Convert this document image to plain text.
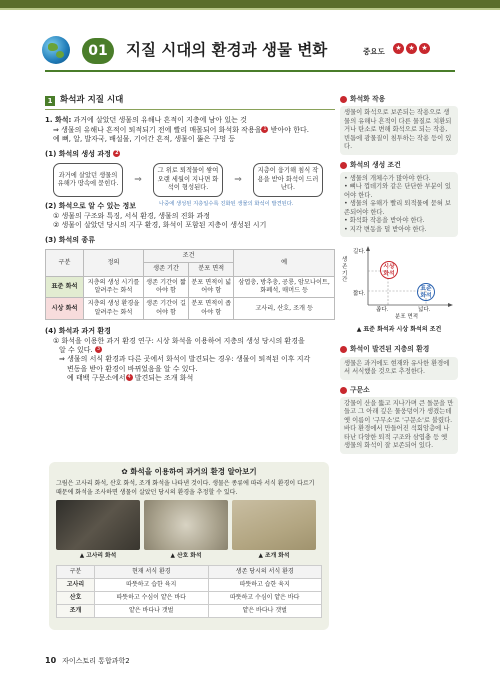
01	지질 시대의 환경과 생물 변화	중요도	★ ★ ★
1 화석과 지질 시대
1. 화석: 과거에 살았던 생물의 유해나 흔적이 지층에 남아 있는 것
⇒ 생물의 유해나 흔적이 퇴적되기 전에 빨리 매몰되어 화석화 작용을 1 받아야 한다.
예 뼈, 알, 발자국, 배설물, 기어간 흔적, 생물이 뚫은 구멍 등
(1) 화석의 생성 과정 2
과거에 살았던 생물의 유해가 땅속에 묻힌다.	⇒
그 위로 퇴적물이 쌓여 오랜 세월이 지나면 화석이 형성된다.
⇒
지층이 융기해 침식 작용을 받아 화석이 드러난다.
(2) 화석으로 알 수 있는 정보	나중에 생성된 지층일수록 진화된 생물의 화석이 발견된다.
① 생물의 구조와 특징, 서식 환경, 생물의 진화 과정
② 생물이 살았던 당시의 지구 환경, 화석이 포함된 지층이 생성된 시기
(3) 화석의 종류
구분	정의	조건		예
		생존 기간	분포 면적	
표준 화석	지층의 생성 시기를 알려주는 화석	생존 기간이 짧아야 함	분포 면적이 넓어야 함	삼엽충, 방추충, 공룡, 암모나이트, 화폐석, 매머드 등
시상 화석	지층의 생성 환경을 알려주는 화석	생존 기간이 길어야 함	분포 면적이 좁아야 함	고사리, 산호, 조개 등
(4) 화석과 과거 환경
① 화석을 이용한 과거 환경 연구: 시상 화석을 이용하여 지층의 생성 당시의 환경을
알 수 있다. 3
⇒ 생물의 서식 환경과 다른 곳에서 화석이 발견되는 경우: 생물이 퇴적된 이후 지각
변동을 받아 환경이 바뀌었음을 알 수 있다.
예 태백 구문소에서 4 발견되는 조개 화석
화석화 작용
생물이 화석으로 보존되는 작용으로 생물의 유해나 흔적이 다른 물질로 치환되거나 탄소로 변해 화석으로 되는 작용, 빈틈에 광물질이 침투하는 작용 등이 있다.
화석의 생성 조건
• 생물의 개체수가 많아야 한다.
• 뼈나 껍데기와 같은 단단한 부분이 있어야 한다.
• 생물의 유해가 빨리 퇴적물에 묻혀 보존되어야 한다.
• 화석화 작용을 받아야 한다.
• 지각 변동을 덜 받아야 한다.
생존 기간
길다.
짧다.
좁다.	넓다.
분포 면적
시상 화석
표준 화석
▲ 표준 화석과 시상 화석의 조건
화석이 발견된 지층의 환경
생물은 과거에도 현재와 유사한 환경에서 서식했을 것으로 추정한다.
구문소
강물이 산을 뚫고 지나가며 큰 돌문을 만들고 그 아래 깊은 물웅덩이가 생겼는데 옛 이름이 '구무소'로 '구문소'로 불렸다. 바다 환경에서 만들어진 석회암층에 나타난 다양한 퇴적 구조와 삼엽충 등 옛 생물의 화석이 잘 보존되어 있다.
✿ 화석을 이용하여 과거의 환경 알아보기
그림은 고사리 화석, 산호 화석, 조개 화석을 나타낸 것이다. 생물은 종류에 따라 서식 환경이 다르기 때문에 화석을 조사하면 생물이 살았던 당시의 환경을 추정할 수 있다.
▲ 고사리 화석	▲ 산호 화석	▲ 조개 화석
구분	현재 서식 환경	생존 당시의 서식 환경
고사리	따뜻하고 습한 육지	따뜻하고 습한 육지
산호	따뜻하고 수심이 얕은 바다	따뜻하고 수심이 얕은 바다
조개	얕은 바다나 갯벌	얕은 바다나 갯벌
10 자이스토리 통합과학2
